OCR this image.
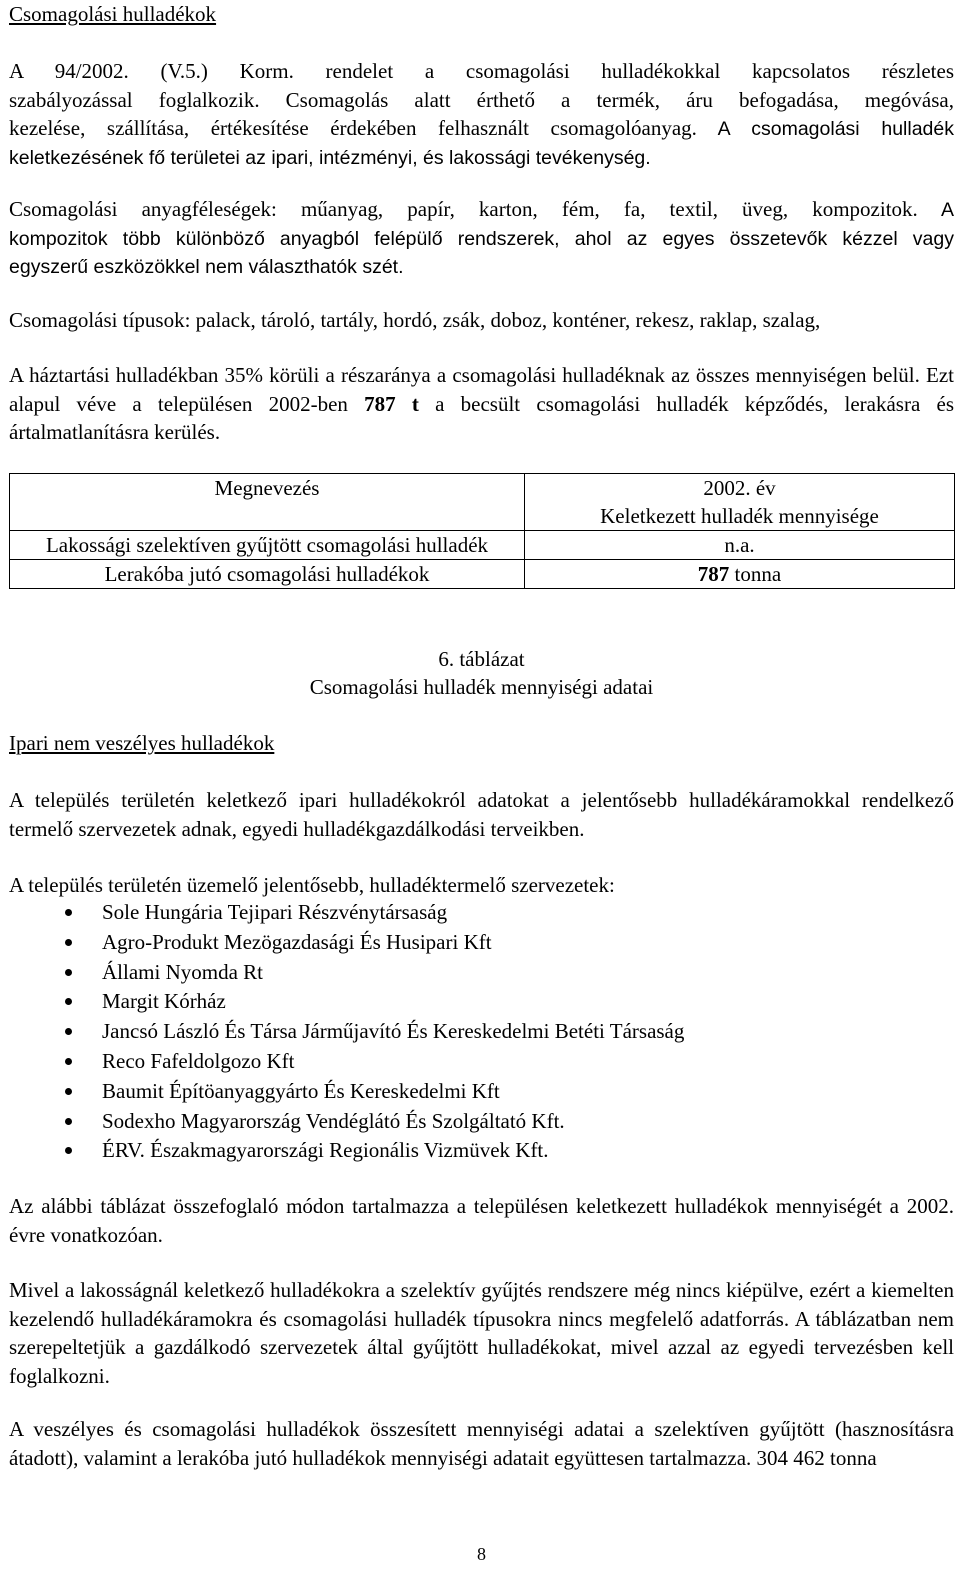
Csomagolási hulladékok
A 94/2002. (V.5.) Korm. rendelet a csomagolási hulladékokkal kapcsolatos részletes
szabályozással foglalkozik. Csomagolás alatt érthető a termék, áru befogadása, megóvása,
kezelése, szállítása, értékesítése érdekében felhasznált csomagolóanyag. A csomagolási hulladék
keletkezésének fő területei az ipari, intézményi, és lakossági tevékenység.
Csomagolási anyagféleségek: műanyag, papír, karton, fém, fa, textil, üveg, kompozitok. A
kompozitok több különböző anyagból felépülő rendszerek, ahol az egyes összetevők kézzel vagy
egyszerű eszközökkel nem választhatók szét.
Csomagolási típusok: palack, tároló, tartály, hordó, zsák, doboz, konténer, rekesz, raklap, szalag,
A háztartási hulladékban 35% körüli a részaránya a csomagolási hulladéknak az összes mennyiségen belül. Ezt alapul véve a településen 2002-ben 787 t a becsült csomagolási hulladék képződés, lerakásra és ártalmatlanításra kerülés.
Megnevezés	2002. év
Keletkezett hulladék mennyisége

Lakossági szelektíven gyűjtött csomagolási hulladék	n.a.
Lerakóba jutó csomagolási hulladékok	787 tonna
6. táblázat
Csomagolási hulladék mennyiségi adatai
Ipari nem veszélyes hulladékok
A település területén keletkező ipari hulladékokról adatokat a jelentősebb hulladékáramokkal rendelkező termelő szervezetek adnak, egyedi hulladékgazdálkodási terveikben.
A település területén üzemelő jelentősebb, hulladéktermelő szervezetek:
Sole Hungária Tejipari Részvénytársaság
Agro-Produkt Mezögazdasági És Husipari Kft
Állami Nyomda Rt
Margit Kórház
Jancsó László És Társa Járműjavító És Kereskedelmi Betéti Társaság
Reco Fafeldolgozo Kft
Baumit Építöanyaggyárto És Kereskedelmi Kft
Sodexho Magyarország Vendéglátó És Szolgáltató Kft.
ÉRV. Északmagyarországi Regionális Vizmüvek Kft.
Az alábbi táblázat összefoglaló módon tartalmazza a településen keletkezett hulladékok mennyiségét a 2002. évre vonatkozóan.
Mivel a lakosságnál keletkező hulladékokra a szelektív gyűjtés rendszere még nincs kiépülve, ezért a kiemelten kezelendő hulladékáramokra és csomagolási hulladék típusokra nincs megfelelő adatforrás. A táblázatban nem szerepeltetjük a gazdálkodó szervezetek által gyűjtött hulladékokat, mivel azzal az egyedi tervezésben kell foglalkozni.
A veszélyes és csomagolási hulladékok összesített mennyiségi adatai a szelektíven gyűjtött (hasznosításra átadott), valamint a lerakóba jutó hulladékok mennyiségi adatait együttesen tartalmazza. 304 462 tonna
8
